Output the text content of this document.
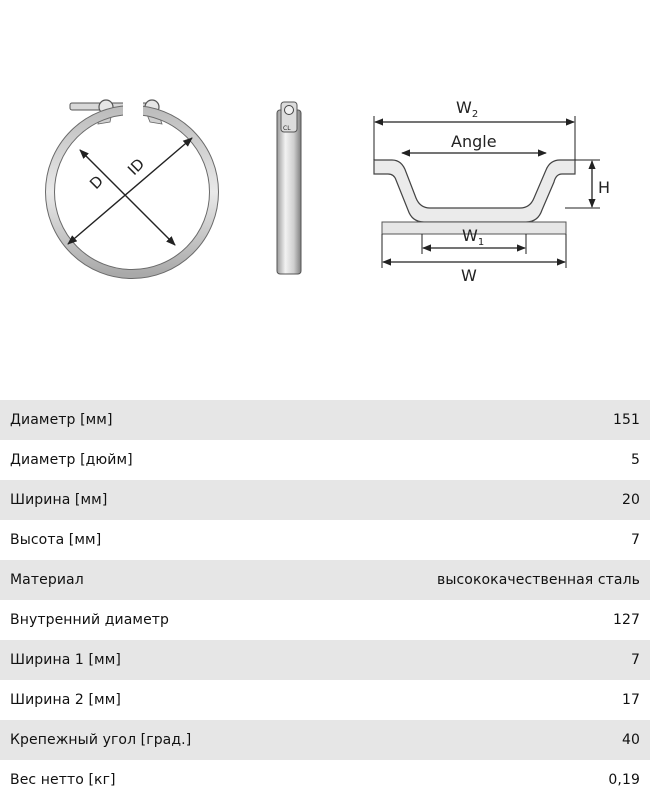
D
ID
CL
$W_2$
Angle
H
$W_1$
W
Диаметр [мм]	151
Диаметр [дюйм]	5
Ширина [мм]	20
Высота [мм]	7
Материал	высококачественная сталь
Внутренний диаметр	127
Ширина 1 [мм]	7
Ширина 2 [мм]	17
Крепежный угол [град.]	40
Вес нетто [кг]	0,19
